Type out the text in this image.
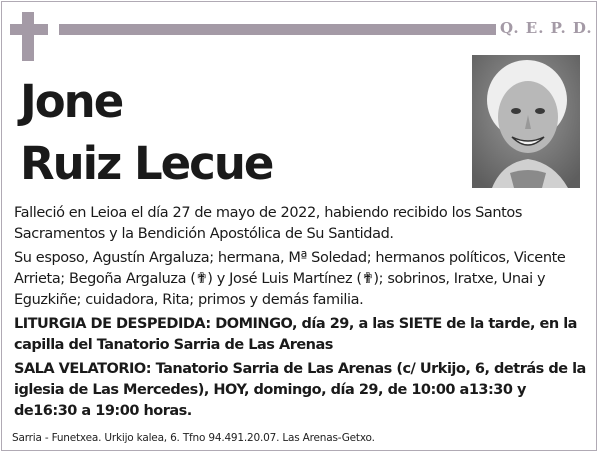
Q. E. P. D.
Jone
Ruiz Lecue

Falleció en Leioa el día 27 de mayo de 2022, habiendo recibido los Santos Sacramentos y la Bendición Apostólica de Su Santidad.

Su esposo, Agustín Argaluza; hermana, Mª Soledad; hermanos políticos, Vicente Arrieta; Begoña Argaluza (✟) y José Luis Martínez (✟); sobrinos, Iratxe, Unai y Eguzkiñe; cuidadora, Rita; primos y demás familia.

LITURGIA DE DESPEDIDA: DOMINGO, día 29, a las SIETE de la tarde, en la capilla del Tanatorio Sarria de Las Arenas

SALA VELATORIO: Tanatorio Sarria de Las Arenas (c/ Urkijo, 6, detrás de la iglesia de Las Mercedes), HOY, domingo, día 29, de 10:00 a13:30 y de16:30 a 19:00 horas.

Sarria - Funetxea. Urkijo kalea, 6. Tfno 94.491.20.07. Las Arenas-Getxo.
